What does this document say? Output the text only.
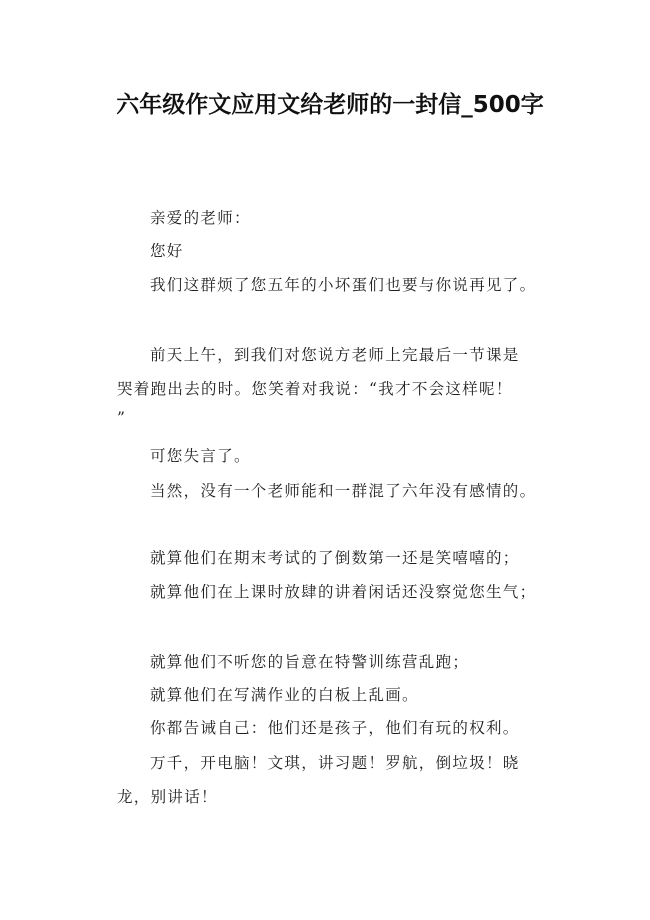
六年级作文应用文给老师的一封信_500字
亲爱的老师：
您好
我们这群烦了您五年的小坏蛋们也要与你说再见了。
前天上午，到我们对您说方老师上完最后一节课是
哭着跑出去的时。您笑着对我说：“我才不会这样呢！
”
可您失言了。
当然，没有一个老师能和一群混了六年没有感情的。
就算他们在期末考试的了倒数第一还是笑嘻嘻的；
就算他们在上课时放肆的讲着闲话还没察觉您生气；
就算他们不听您的旨意在特警训练营乱跑；
就算他们在写满作业的白板上乱画。
你都告诫自己：他们还是孩子，他们有玩的权利。
万千，开电脑！文琪，讲习题！罗航，倒垃圾！晓
龙，别讲话！
